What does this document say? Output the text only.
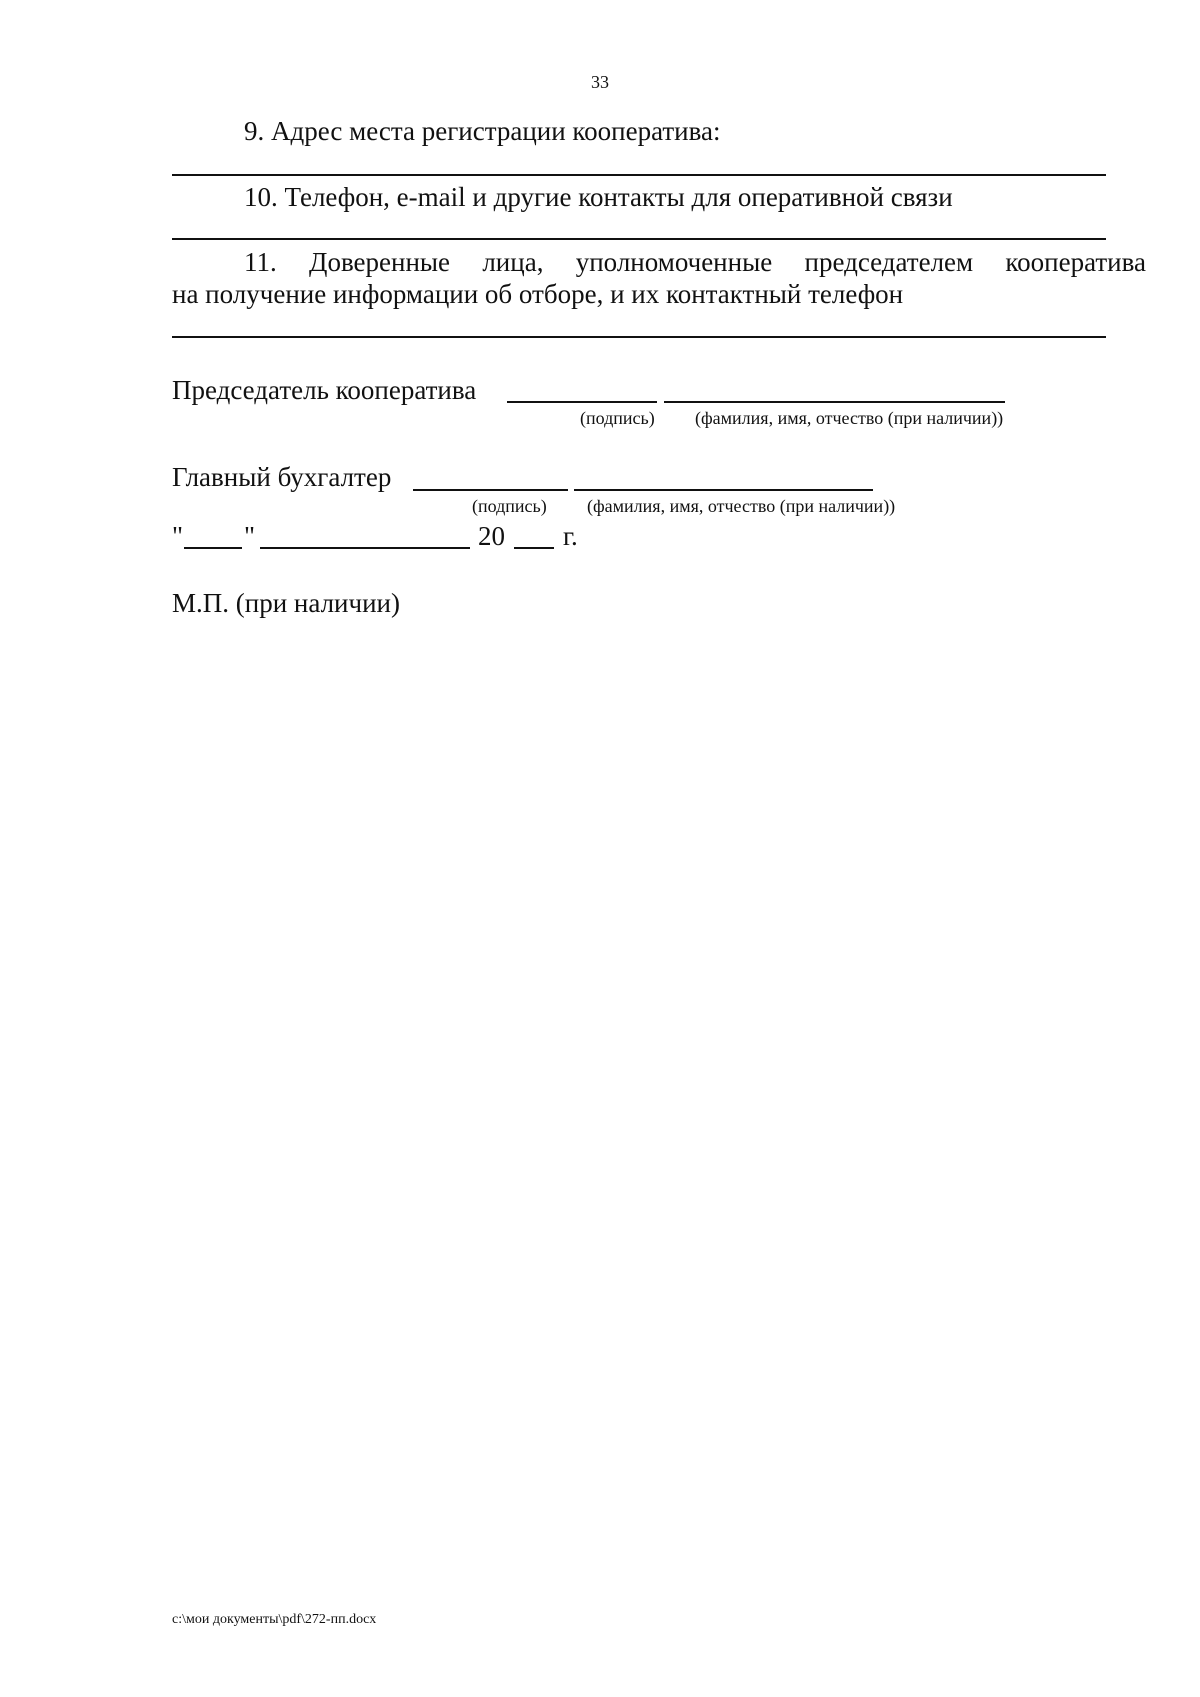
33
9. Адрес места регистрации кооператива:
10. Телефон, e-mail и другие контакты для оперативной связи
11. Доверенные лица, уполномоченные председателем кооператива
на получение информации об отборе, и их контактный телефон
Председатель кооператива
(подпись) (фамилия, имя, отчество (при наличии))
Главный бухгалтер
(подпись) (фамилия, имя, отчество (при наличии))
" "	20 г.
М.П. (при наличии)
c:\мои документы\pdf\272-пп.docx
